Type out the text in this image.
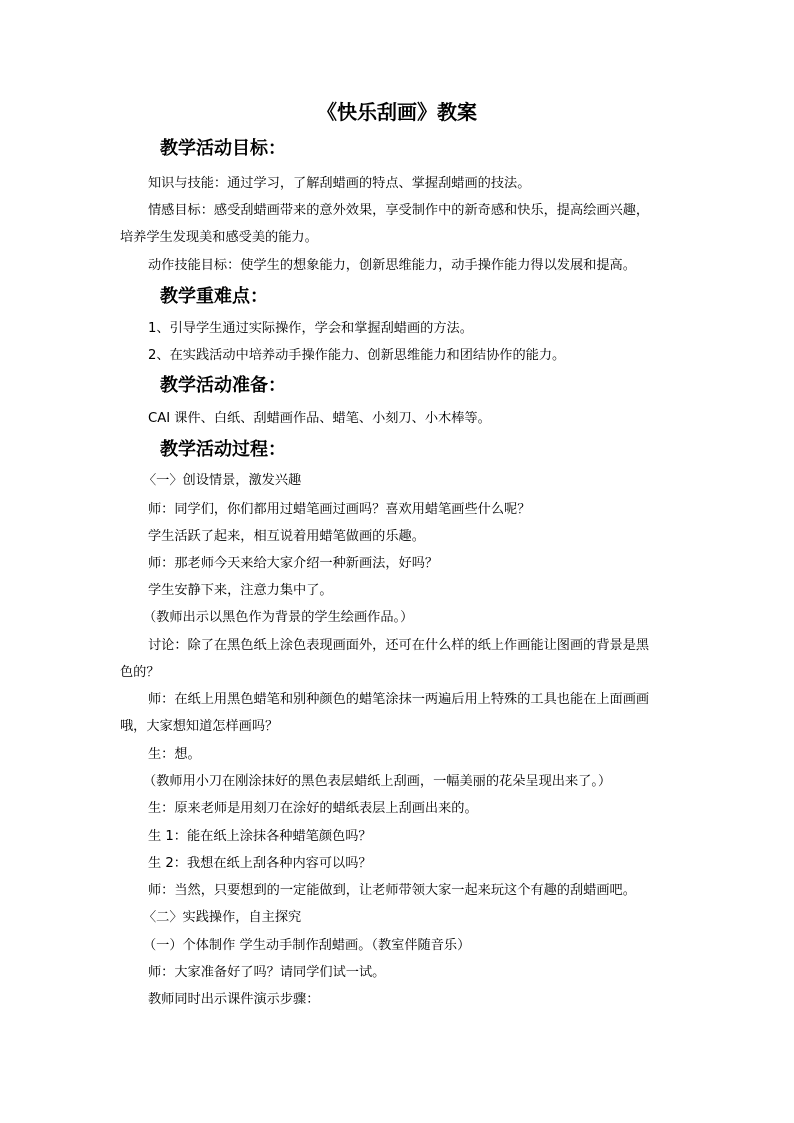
《快乐刮画》教案
教学活动目标：
知识与技能：通过学习，了解刮蜡画的特点、掌握刮蜡画的技法。
情感目标：感受刮蜡画带来的意外效果，享受制作中的新奇感和快乐，提高绘画兴趣，
培养学生发现美和感受美的能力。
动作技能目标：使学生的想象能力，创新思维能力，动手操作能力得以发展和提高。
教学重难点：
1、引导学生通过实际操作，学会和掌握刮蜡画的方法。
2、在实践活动中培养动手操作能力、创新思维能力和团结协作的能力。
教学活动准备：
CAI 课件、白纸、刮蜡画作品、蜡笔、小刻刀、小木棒等。
教学活动过程：
〈一〉创设情景，激发兴趣
师：同学们，你们都用过蜡笔画过画吗？喜欢用蜡笔画些什么呢？
学生活跃了起来，相互说着用蜡笔做画的乐趣。
师：那老师今天来给大家介绍一种新画法，好吗？
学生安静下来，注意力集中了。
（教师出示以黑色作为背景的学生绘画作品。）
讨论：除了在黑色纸上涂色表现画面外，还可在什么样的纸上作画能让图画的背景是黑
色的？
师：在纸上用黑色蜡笔和别种颜色的蜡笔涂抹一两遍后用上特殊的工具也能在上面画画
哦，大家想知道怎样画吗？
生：想。
（教师用小刀在刚涂抹好的黑色表层蜡纸上刮画，一幅美丽的花朵呈现出来了。）
生：原来老师是用刻刀在涂好的蜡纸表层上刮画出来的。
生 1：能在纸上涂抹各种蜡笔颜色吗？
生 2：我想在纸上刮各种内容可以吗？
师：当然，只要想到的一定能做到，让老师带领大家一起来玩这个有趣的刮蜡画吧。
〈二〉实践操作，自主探究
（一）个体制作 学生动手制作刮蜡画。（教室伴随音乐）
师：大家准备好了吗？请同学们试一试。
教师同时出示课件演示步骤：
